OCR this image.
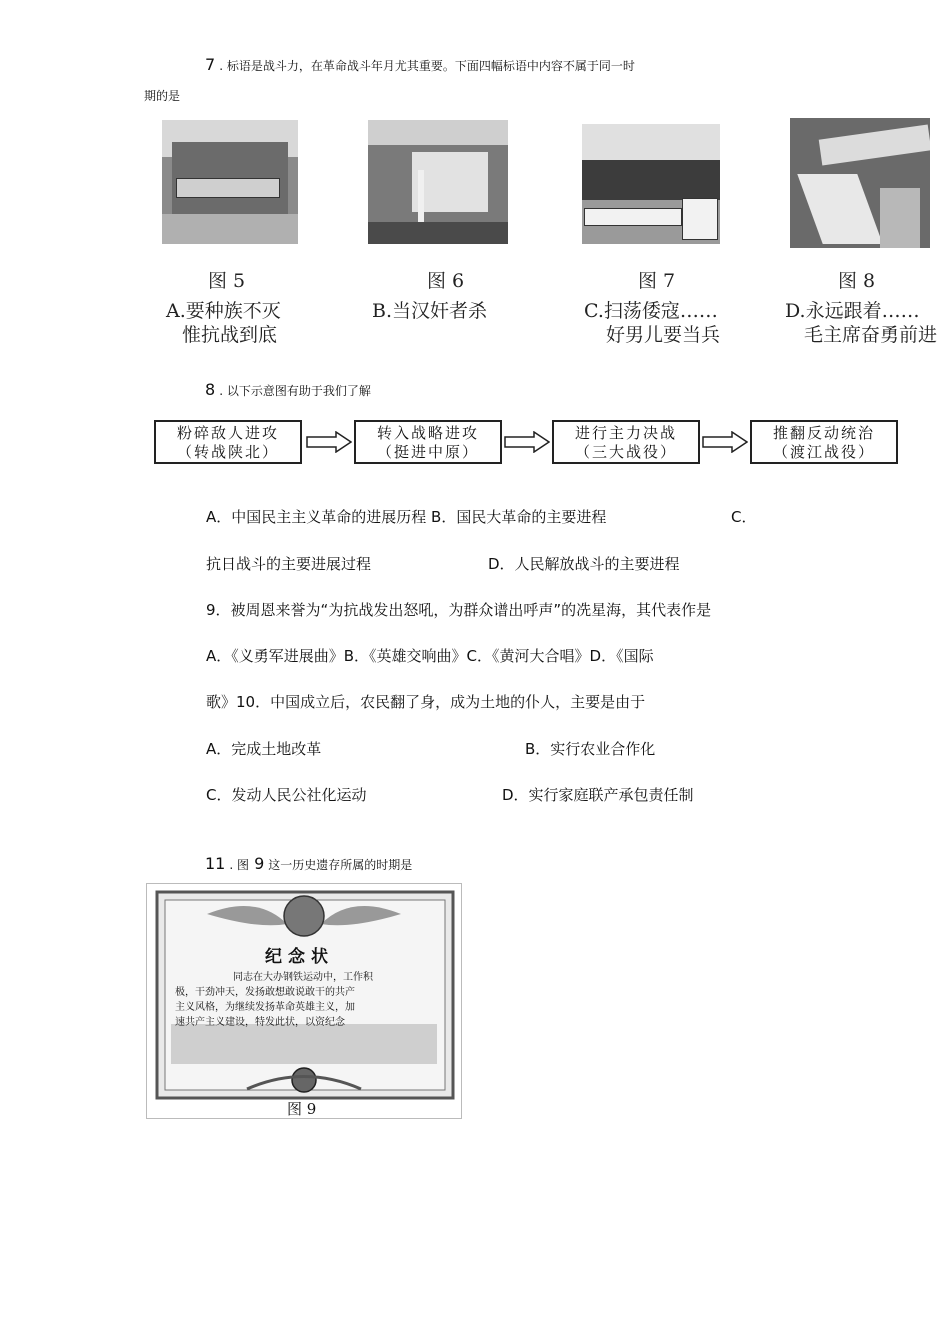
7 . 标语是战斗力，在革命战斗年月尤其重要。下面四幅标语中内容不属于同一时
期的是
图 5
A.要种族不灭
惟抗战到底
图 6
B.当汉奸者杀
图 7
C.扫荡倭寇……
好男儿要当兵
图 8
D.永远跟着……
毛主席奋勇前进
8 . 以下示意图有助于我们了解
粉碎敌人进攻
（转战陕北）
转入战略进攻
（挺进中原）
进行主力决战
（三大战役）
推翻反动统治
（渡江战役）
A．中国民主主义革命的进展历程 B．国民大革命的主要进程	C．
抗日战斗的主要进展过程	D．人民解放战斗的主要进程
9．被周恩来誉为“为抗战发出怒吼，为群众谱出呼声”的冼星海，其代表作是
A．《义勇军进展曲》B．《英雄交响曲》C．《黄河大合唱》D．《国际
歌》10．中国成立后，农民翻了身，成为土地的仆人，主要是由于
A．完成土地改革	B．实行农业合作化
C．发动人民公社化运动	D．实行家庭联产承包责任制
11 . 图 9 这一历史遗存所属的时期是
纪念状
同志在大办钢铁运动中，工作积
极，干劲冲天，发扬敢想敢说敢干的共产
主义风格，为继续发扬革命英雄主义，加
速共产主义建设，特发此状，以资纪念
图 9
